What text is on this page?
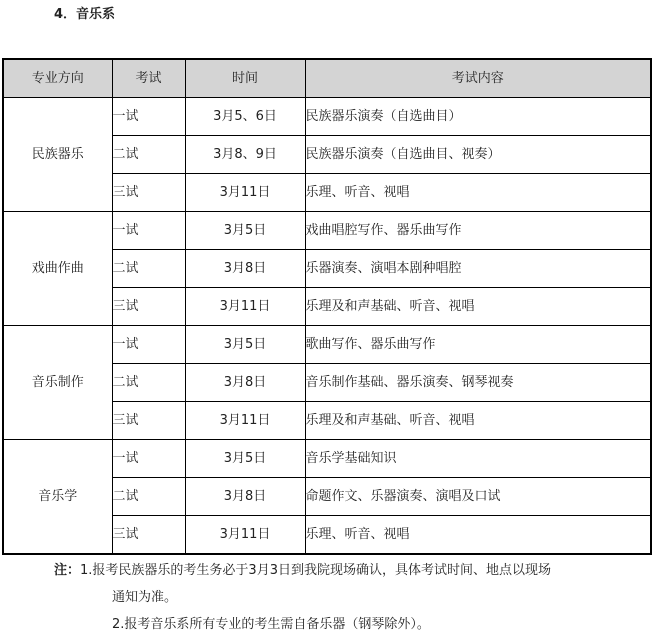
4．音乐系
专业方向	考试	时间	考试内容
民族器乐	一试	3月5、6日	民族器乐演奏（自选曲目）
	二试	3月8、9日	民族器乐演奏（自选曲目、视奏）
	三试	3月11日	乐理、听音、视唱
戏曲作曲	一试	3月5日	戏曲唱腔写作、器乐曲写作
	二试	3月8日	乐器演奏、演唱本剧种唱腔
	三试	3月11日	乐理及和声基础、听音、视唱
音乐制作	一试	3月5日	歌曲写作、器乐曲写作
	二试	3月8日	音乐制作基础、器乐演奏、钢琴视奏
	三试	3月11日	乐理及和声基础、听音、视唱
音乐学	一试	3月5日	音乐学基础知识
	二试	3月8日	命题作文、乐器演奏、演唱及口试
	三试	3月11日	乐理、听音、视唱
注：1.报考民族器乐的考生务必于3月3日到我院现场确认，具体考试时间、地点以现场
通知为准。
2.报考音乐系所有专业的考生需自备乐器（钢琴除外）。
